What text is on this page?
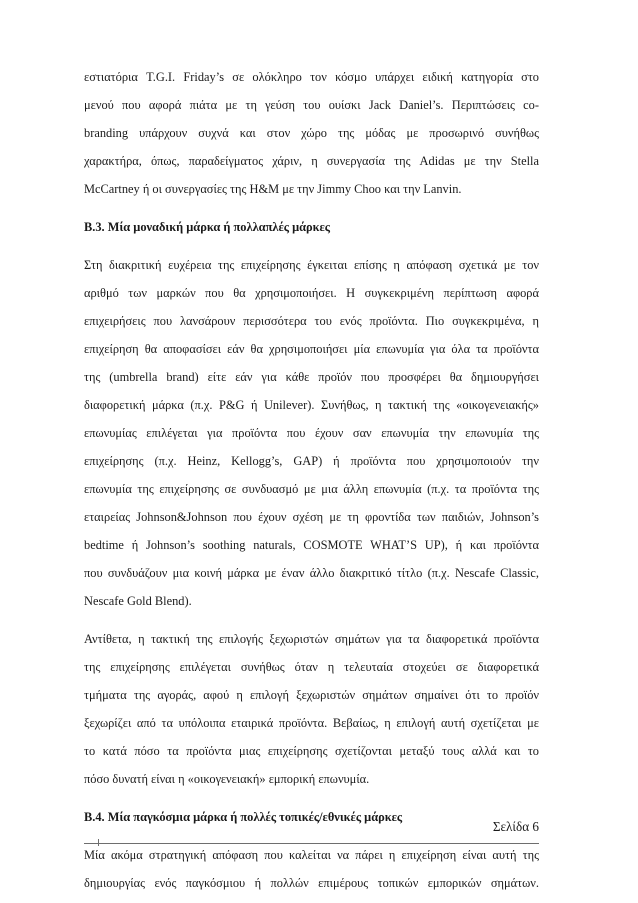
εστιατόρια T.G.I. Friday’s σε ολόκληρο τον κόσμο υπάρχει ειδική κατηγορία στο
μενού που αφορά πιάτα με τη γεύση του ουίσκι Jack Daniel’s. Περιπτώσεις co-
branding υπάρχουν συχνά και στον χώρο της μόδας με προσωρινό συνήθως
χαρακτήρα, όπως, παραδείγματος χάριν, η συνεργασία της Adidas με την Stella
McCartney ή οι συνεργασίες της H&M με την Jimmy Choo και την Lanvin.
B.3. Μία μοναδική μάρκα ή πολλαπλές μάρκες
Στη διακριτική ευχέρεια της επιχείρησης έγκειται επίσης η απόφαση σχετικά με τον
αριθμό των μαρκών που θα χρησιμοποιήσει. Η συγκεκριμένη περίπτωση αφορά
επιχειρήσεις που λανσάρουν περισσότερα του ενός προϊόντα. Πιο συγκεκριμένα, η
επιχείρηση θα αποφασίσει εάν θα χρησιμοποιήσει μία επωνυμία για όλα τα προϊόντα
της (umbrella brand) είτε εάν για κάθε προϊόν που προσφέρει θα δημιουργήσει
διαφορετική μάρκα (π.χ. P&G ή Unilever). Συνήθως, η τακτική της «οικογενειακής»
επωνυμίας επιλέγεται για προϊόντα που έχουν σαν επωνυμία την επωνυμία της
επιχείρησης (π.χ. Heinz, Kellogg’s, GAP) ή προϊόντα που χρησιμοποιούν την
επωνυμία της επιχείρησης σε συνδυασμό με μια άλλη επωνυμία (π.χ. τα προϊόντα της
εταιρείας Johnson&Johnson που έχουν σχέση με τη φροντίδα των παιδιών, Johnson’s
bedtime ή Johnson’s soothing naturals, COSMOTE WHAT’S UP), ή και προϊόντα
που συνδυάζουν μια κοινή μάρκα με έναν άλλο διακριτικό τίτλο (π.χ. Nescafe Classic,
Nescafe Gold Blend).
Αντίθετα, η τακτική της επιλογής ξεχωριστών σημάτων για τα διαφορετικά προϊόντα
της επιχείρησης επιλέγεται συνήθως όταν η τελευταία στοχεύει σε διαφορετικά
τμήματα της αγοράς, αφού η επιλογή ξεχωριστών σημάτων σημαίνει ότι το προϊόν
ξεχωρίζει από τα υπόλοιπα εταιρικά προϊόντα. Βεβαίως, η επιλογή αυτή σχετίζεται με
το κατά πόσο τα προϊόντα μιας επιχείρησης σχετίζονται μεταξύ τους αλλά και το
πόσο δυνατή είναι η «οικογενειακή» εμπορική επωνυμία.
B.4. Μία παγκόσμια μάρκα ή πολλές τοπικές/εθνικές μάρκες
Μία ακόμα στρατηγική απόφαση που καλείται να πάρει η επιχείρηση είναι αυτή της
δημιουργίας ενός παγκόσμιου ή πολλών επιμέρους τοπικών εμπορικών σημάτων.
Σελίδα 6
